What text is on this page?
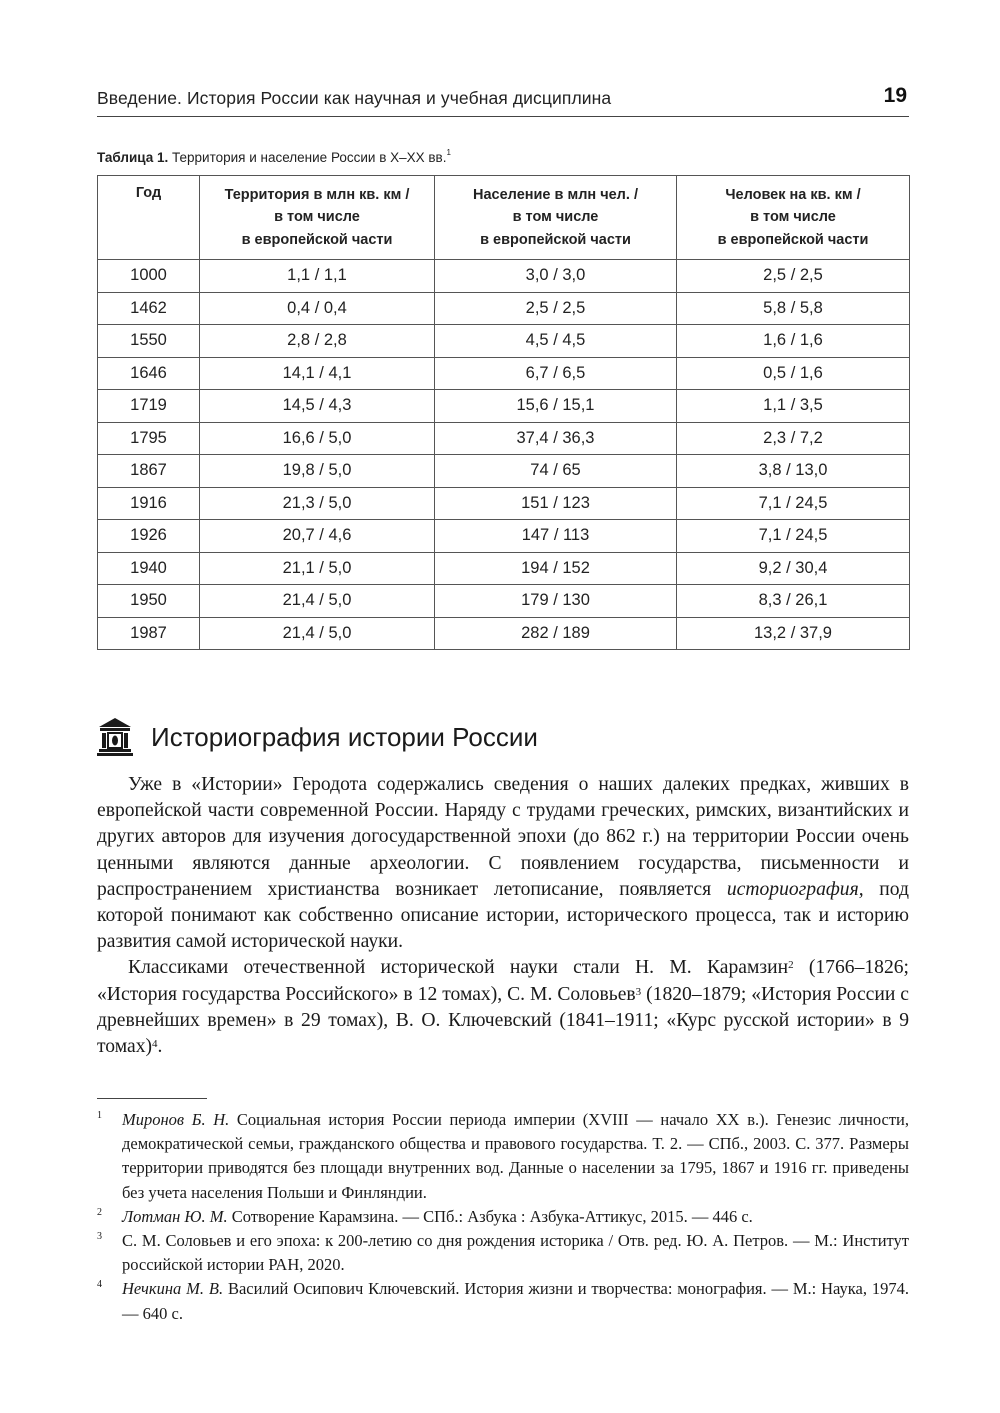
Введение. История России как научная и учебная дисциплина	19
Таблица 1. Территория и население России в X–XX вв.$^1$
Год	Территория в млн кв. км /
в том числе
в европейской части	Население в млн чел. /
в том числе
в европейской части	Человек на кв. км /
в том числе
в европейской части
1000	1,1 / 1,1	3,0 / 3,0	2,5 / 2,5
1462	0,4 / 0,4	2,5 / 2,5	5,8 / 5,8
1550	2,8 / 2,8	4,5 / 4,5	1,6 / 1,6
1646	14,1 / 4,1	6,7 / 6,5	0,5 / 1,6
1719	14,5 / 4,3	15,6 / 15,1	1,1 / 3,5
1795	16,6 / 5,0	37,4 / 36,3	2,3 / 7,2
1867	19,8 / 5,0	74 / 65	3,8 / 13,0
1916	21,3 / 5,0	151 / 123	7,1 / 24,5
1926	20,7 / 4,6	147 / 113	7,1 / 24,5
1940	21,1 / 5,0	194 / 152	9,2 / 30,4
1950	21,4 / 5,0	179 / 130	8,3 / 26,1
1987	21,4 / 5,0	282 / 189	13,2 / 37,9
Историография истории России

Уже в «Истории» Геродота содержались сведения о наших далеких предках, живших в европейской части современной России. Наряду с трудами греческих, римских, византийских и других авторов для изучения догосударственной эпохи (до 862 г.) на территории России очень ценными являются данные археологии. С появлением государства, письменности и распространением христианства возникает летописание, появляется историография, под которой понимают как собственно описание истории, исторического процесса, так и историю развития самой исторической науки.

Классиками отечественной исторической науки стали Н. М. Карамзин$^2$ (1766–1826; «История государства Российского» в 12 томах), С. М. Соловьев$^3$ (1820–1879; «История России с древнейших времен» в 29 томах), В. О. Ключевский (1841–1911; «Курс русской истории» в 9 томах)$^4$.

1 Миронов Б. Н. Социальная история России периода империи (XVIII — начало XX в.). Генезис личности, демократической семьи, гражданского общества и правового государства. Т. 2. — СПб., 2003. С. 377. Размеры территории приводятся без площади внутренних вод. Данные о населении за 1795, 1867 и 1916 гг. приведены без учета населения Польши и Финляндии.

2 Лотман Ю. М. Сотворение Карамзина. — СПб.: Азбука : Азбука-Аттикус, 2015. — 446 с.

3 С. М. Соловьев и его эпоха: к 200-летию со дня рождения историка / Отв. ред. Ю. А. Петров. — М.: Институт российской истории РАН, 2020.

4 Нечкина М. В. Василий Осипович Ключевский. История жизни и творчества: монография. — М.: Наука, 1974. — 640 с.
